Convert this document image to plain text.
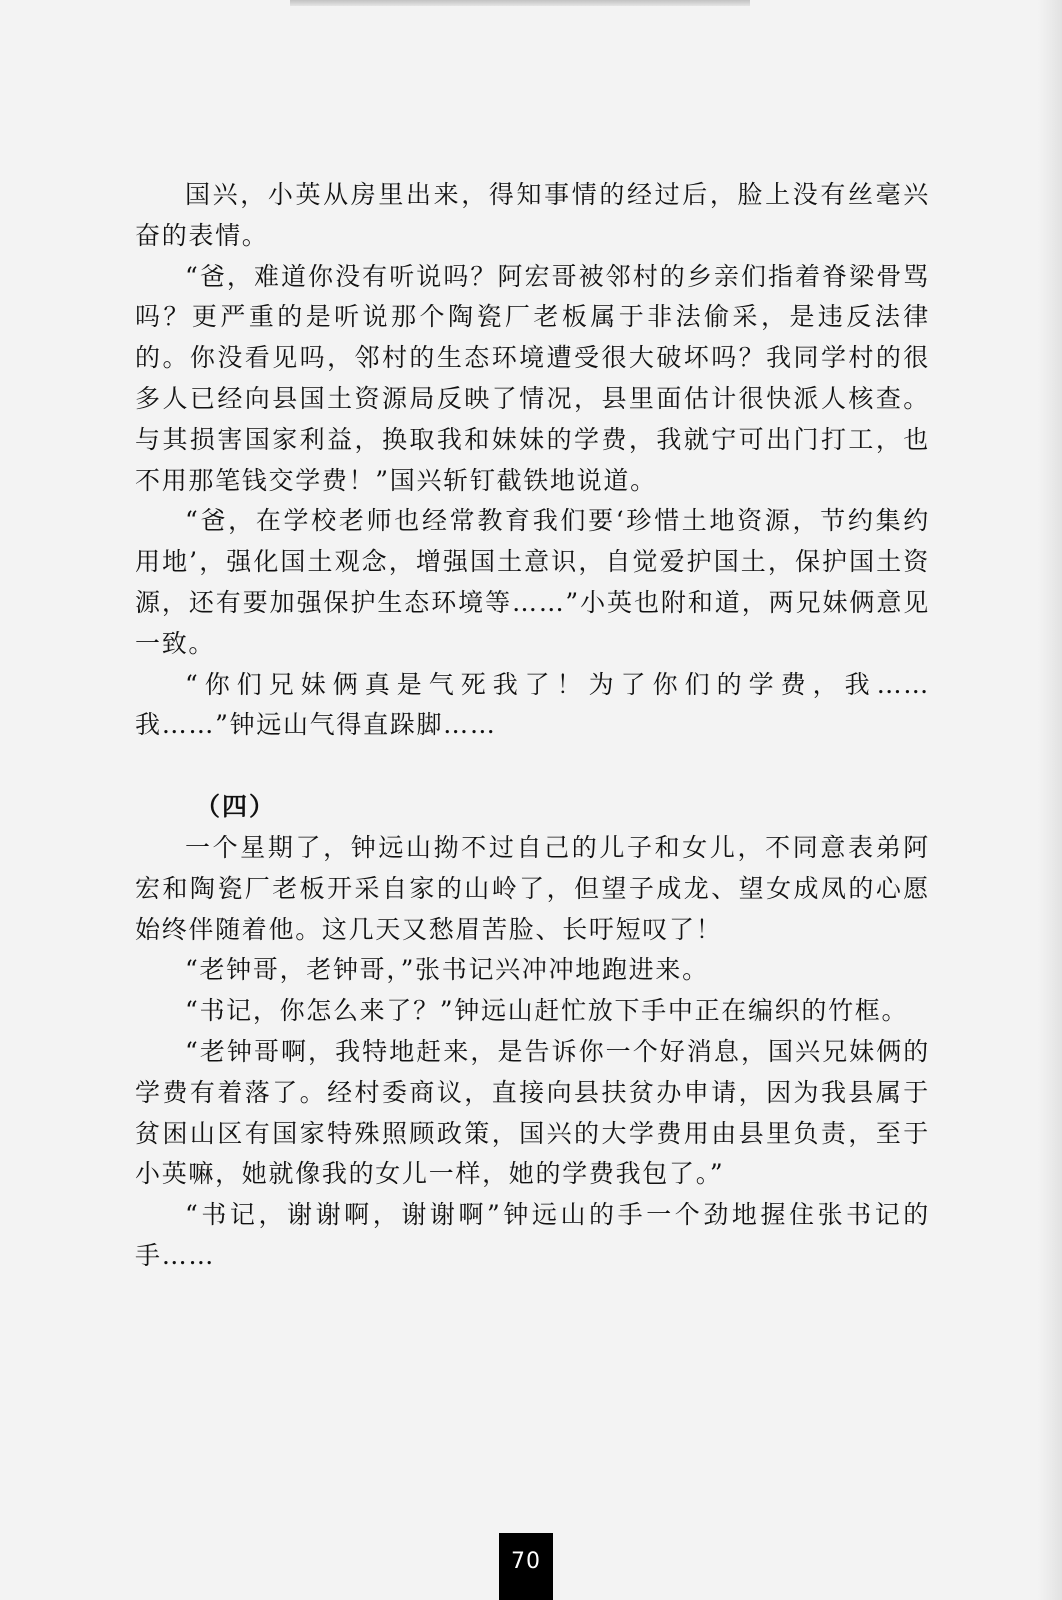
国兴，小英从房里出来，得知事情的经过后，脸上没有丝毫兴奋的表情。

“爸，难道你没有听说吗？阿宏哥被邻村的乡亲们指着脊梁骨骂吗？更严重的是听说那个陶瓷厂老板属于非法偷采，是违反法律的。你没看见吗，邻村的生态环境遭受很大破坏吗？我同学村的很多人已经向县国土资源局反映了情况，县里面估计很快派人核查。与其损害国家利益，换取我和妹妹的学费，我就宁可出门打工，也不用那笔钱交学费！”国兴斩钉截铁地说道。

“爸，在学校老师也经常教育我们要‘珍惜土地资源，节约集约用地’，强化国土观念，增强国土意识，自觉爱护国土，保护国土资源，还有要加强保护生态环境等……”小英也附和道，两兄妹俩意见一致。

“你们兄妹俩真是气死我了！为了你们的学费，我……我……”钟远山气得直跺脚……

（四）

一个星期了，钟远山拗不过自己的儿子和女儿，不同意表弟阿宏和陶瓷厂老板开采自家的山岭了，但望子成龙、望女成凤的心愿始终伴随着他。这几天又愁眉苦脸、长吁短叹了！

“老钟哥，老钟哥，”张书记兴冲冲地跑进来。

“书记，你怎么来了？”钟远山赶忙放下手中正在编织的竹框。

“老钟哥啊，我特地赶来，是告诉你一个好消息，国兴兄妹俩的学费有着落了。经村委商议，直接向县扶贫办申请，因为我县属于贫困山区有国家特殊照顾政策，国兴的大学费用由县里负责，至于小英嘛，她就像我的女儿一样，她的学费我包了。”

“书记，谢谢啊，谢谢啊”钟远山的手一个劲地握住张书记的手……

70
